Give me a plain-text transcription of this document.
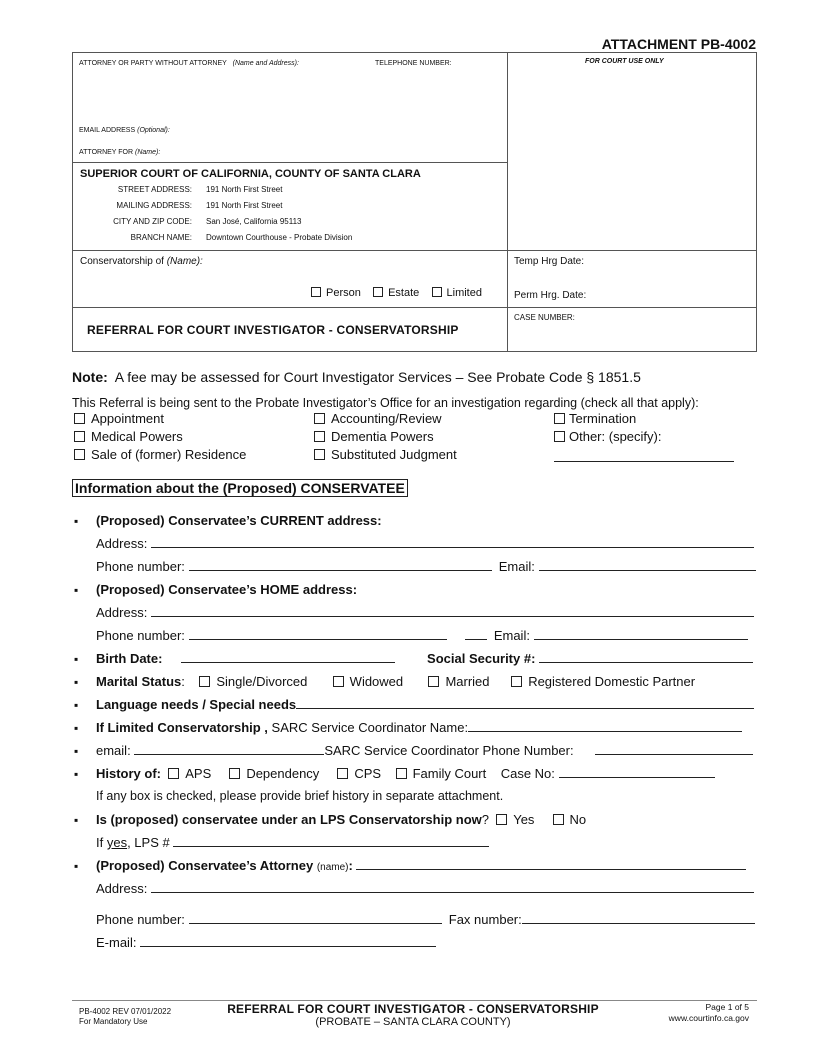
ATTACHMENT PB-4002
ATTORNEY OR PARTY WITHOUT ATTORNEY (Name and Address):	TELEPHONE NUMBER:	FOR COURT USE ONLY
EMAIL ADDRESS (Optional):
ATTORNEY FOR (Name):
SUPERIOR COURT OF CALIFORNIA, COUNTY OF SANTA CLARA
STREET ADDRESS: 191 North First Street
MAILING ADDRESS: 191 North First Street
CITY AND ZIP CODE: San José, California 95113
BRANCH NAME: Downtown Courthouse - Probate Division
Conservatorship of (Name):
Person Estate Limited
Temp Hrg Date:
Perm Hrg. Date:
REFERRAL FOR COURT INVESTIGATOR - CONSERVATORSHIP
CASE NUMBER:
Note: A fee may be assessed for Court Investigator Services – See Probate Code § 1851.5
This Referral is being sent to the Probate Investigator’s Office for an investigation regarding (check all that apply):
Appointment
Medical Powers
Sale of (former) Residence
Accounting/Review
Dementia Powers
Substituted Judgment
Termination
Other: (specify):
Information about the (Proposed) CONSERVATEE
▪ (Proposed) Conservatee’s CURRENT address:
Address:
Phone number:	Email:
▪ (Proposed) Conservatee’s HOME address:
Address:
Phone number:	Email:
▪ Birth Date:	Social Security #:
▪ Marital Status: Single/Divorced	Widowed	Married	Registered Domestic Partner
▪ Language needs / Special needs
▪ If Limited Conservatorship , SARC Service Coordinator Name:
▪ email:	SARC Service Coordinator Phone Number:
▪ History of: APS	Dependency	CPS Family Court Case No:
If any box is checked, please provide brief history in separate attachment.
▪ Is (proposed) conservatee under an LPS Conservatorship now? Yes	No
If yes, LPS #
▪ (Proposed) Conservatee’s Attorney (name):
Address:
Phone number:	Fax number:
E-mail:
PB-4002 REV 07/01/2022
For Mandatory Use
REFERRAL FOR COURT INVESTIGATOR - CONSERVATORSHIP
(PROBATE – SANTA CLARA COUNTY)
Page 1 of 5
www.courtinfo.ca.gov
